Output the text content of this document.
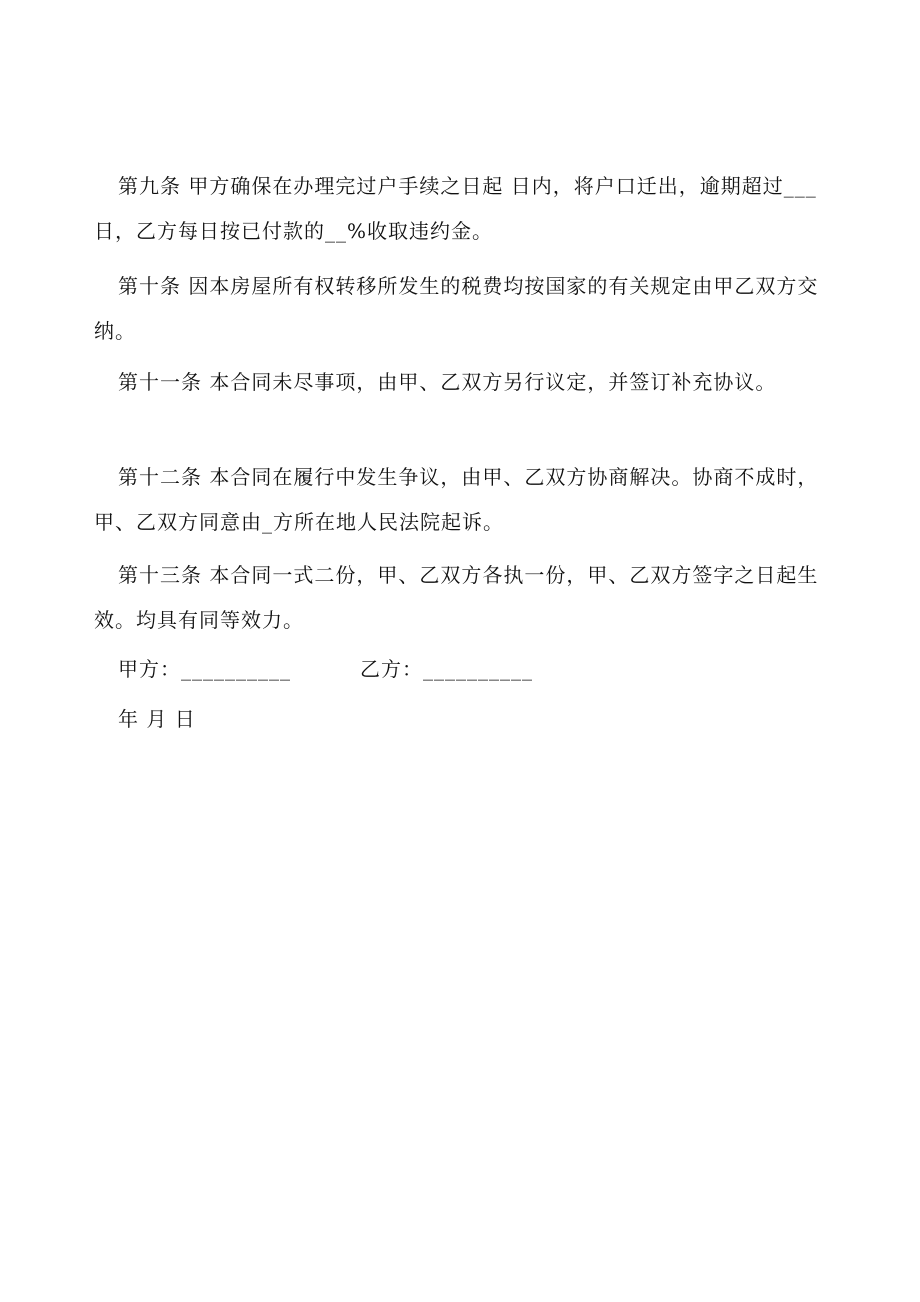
第九条 甲方确保在办理完过户手续之日起 日内，将户口迁出，逾期超过___日，乙方每日按已付款的__%收取违约金。
第十条 因本房屋所有权转移所发生的税费均按国家的有关规定由甲乙双方交纳。
第十一条 本合同未尽事项，由甲、乙双方另行议定，并签订补充协议。
第十二条 本合同在履行中发生争议，由甲、乙双方协商解决。协商不成时，甲、乙双方同意由_方所在地人民法院起诉。
第十三条 本合同一式二份，甲、乙双方各执一份，甲、乙双方签字之日起生效。均具有同等效力。
甲方：__________	乙方：__________
年 月 日
